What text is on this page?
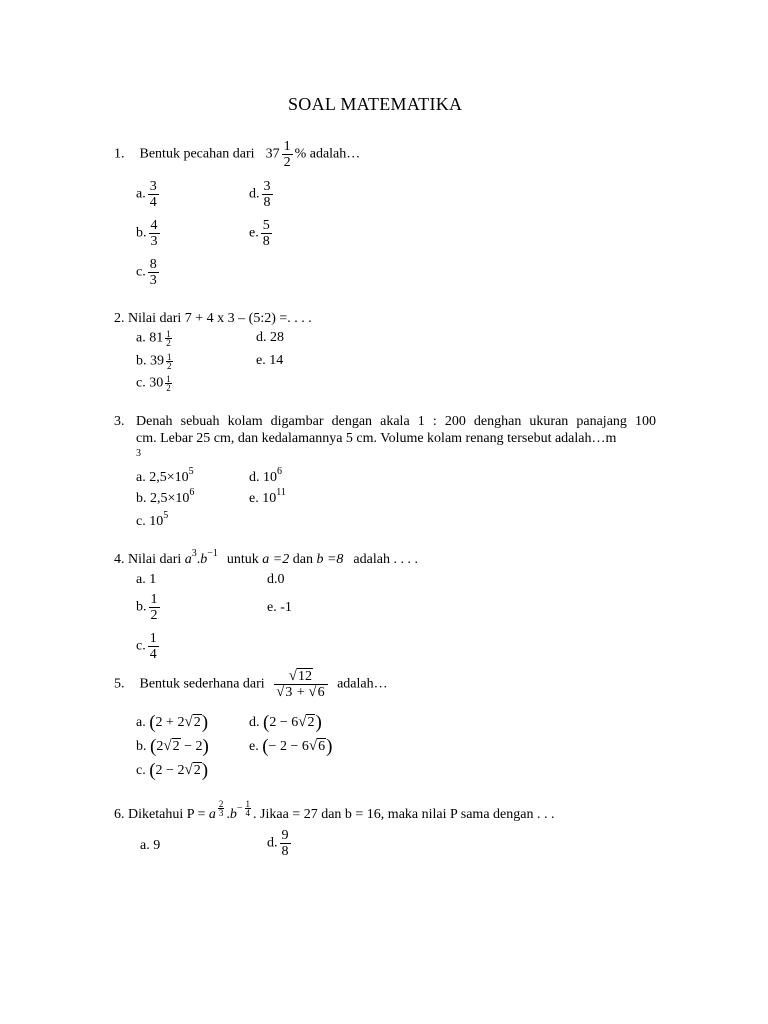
SOAL MATEMATIKA
1. Bentuk pecahan dari $37 \frac{1}{2}$ % adalah…
a. $\frac{3}{4}$	d. $\frac{3}{8}$
b. $\frac{4}{3}$	e. $\frac{5}{8}$
c. $\frac{8}{3}$
2. Nilai dari 7 + 4 x 3 – (5:2) =. . . .
a. $81 \frac{1}{2}$	d. 28
b. $39 \frac{1}{2}$	e. 14
c. $30 \frac{1}{2}$
3. Denah sebuah kolam digambar dengan akala 1 : 200 denghan ukuran panajang 100
cm. Lebar 25 cm, dan kedalamannya 5 cm. Volume kolam renang tersebut adalah…m
3
a. $2,5\times 10^5$	d. $10^6$
b. $2,5\times 10^6$	e. $10^{11}$
c. $10^5$
4. Nilai dari $a^3.b^{-1}$ untuk a =2 dan b =8 adalah . . . .
a. 1	d.0
b. $\frac{1}{2}$	e. -1
c. $\frac{1}{4}$
5. Bentuk sederhana dari $\frac{√12}{√3 + √6}$ adalah…
a. (2 + 2√2)	d. (2 − 6√2)
b. (2√2 − 2)	e. (− 2 − 6√6)
c. (2 − 2√2)
6. Diketahui P = a $^{\frac{2}{3}}$ $.b^{- \frac{1}{4}}$ . Jika a = 27 dan b = 16, maka nilai P sama dengan . . .
a. 9	d. $\frac{9}{8}$
